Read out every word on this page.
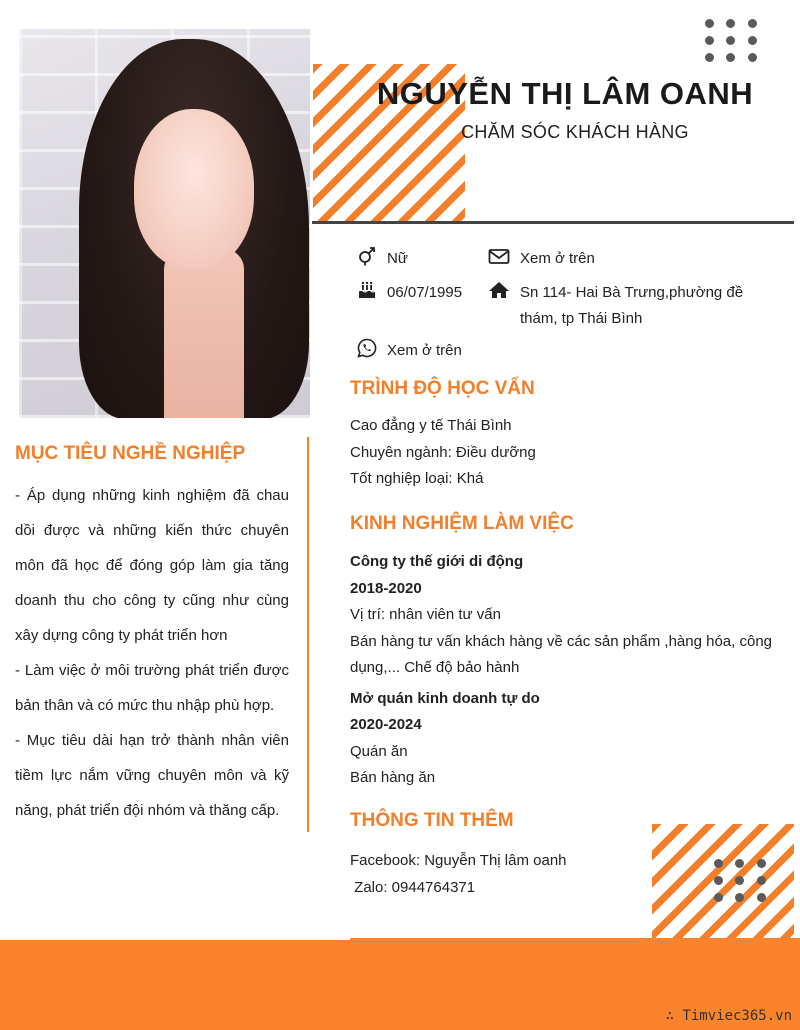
NGUYỄN THỊ LÂM OANH
CHĂM SÓC KHÁCH HÀNG
Nữ	Xem ở trên
06/07/1995	Sn 114- Hai Bà Trưng,phường đề
thám, tp Thái Bình
Xem ở trên
MỤC TIÊU NGHỀ NGHIỆP

- Áp dụng những kinh nghiệm đã chau dồi được và những kiến thức chuyên môn đã học để đóng góp làm gia tăng doanh thu cho công ty cũng như cùng xây dựng công ty phát triển hơn

- Làm việc ở môi trường phát triển được bản thân và có mức thu nhập phù hợp.

- Mục tiêu dài hạn trở thành nhân viên tiềm lực nắm vững chuyên môn và kỹ năng, phát triển đội nhóm và thăng cấp.

TRÌNH ĐỘ HỌC VẤN

Cao đẳng y tế Thái Bình

Chuyên ngành: Điều dưỡng

Tốt nghiệp loại: Khá

KINH NGHIỆM LÀM VIỆC

Công ty thế giới di động

2018-2020

Vị trí: nhân viên tư vấn

Bán hàng tư vấn khách hàng về các sản phẩm ,hàng hóa, công

dụng,... Chế độ bảo hành

Mở quán kinh doanh tự do

2020-2024

Quán ăn

Bán hàng ăn

THÔNG TIN THÊM

Facebook: Nguyễn Thị lâm oanh

Zalo: 0944764371

∴ Timviec365.vn
